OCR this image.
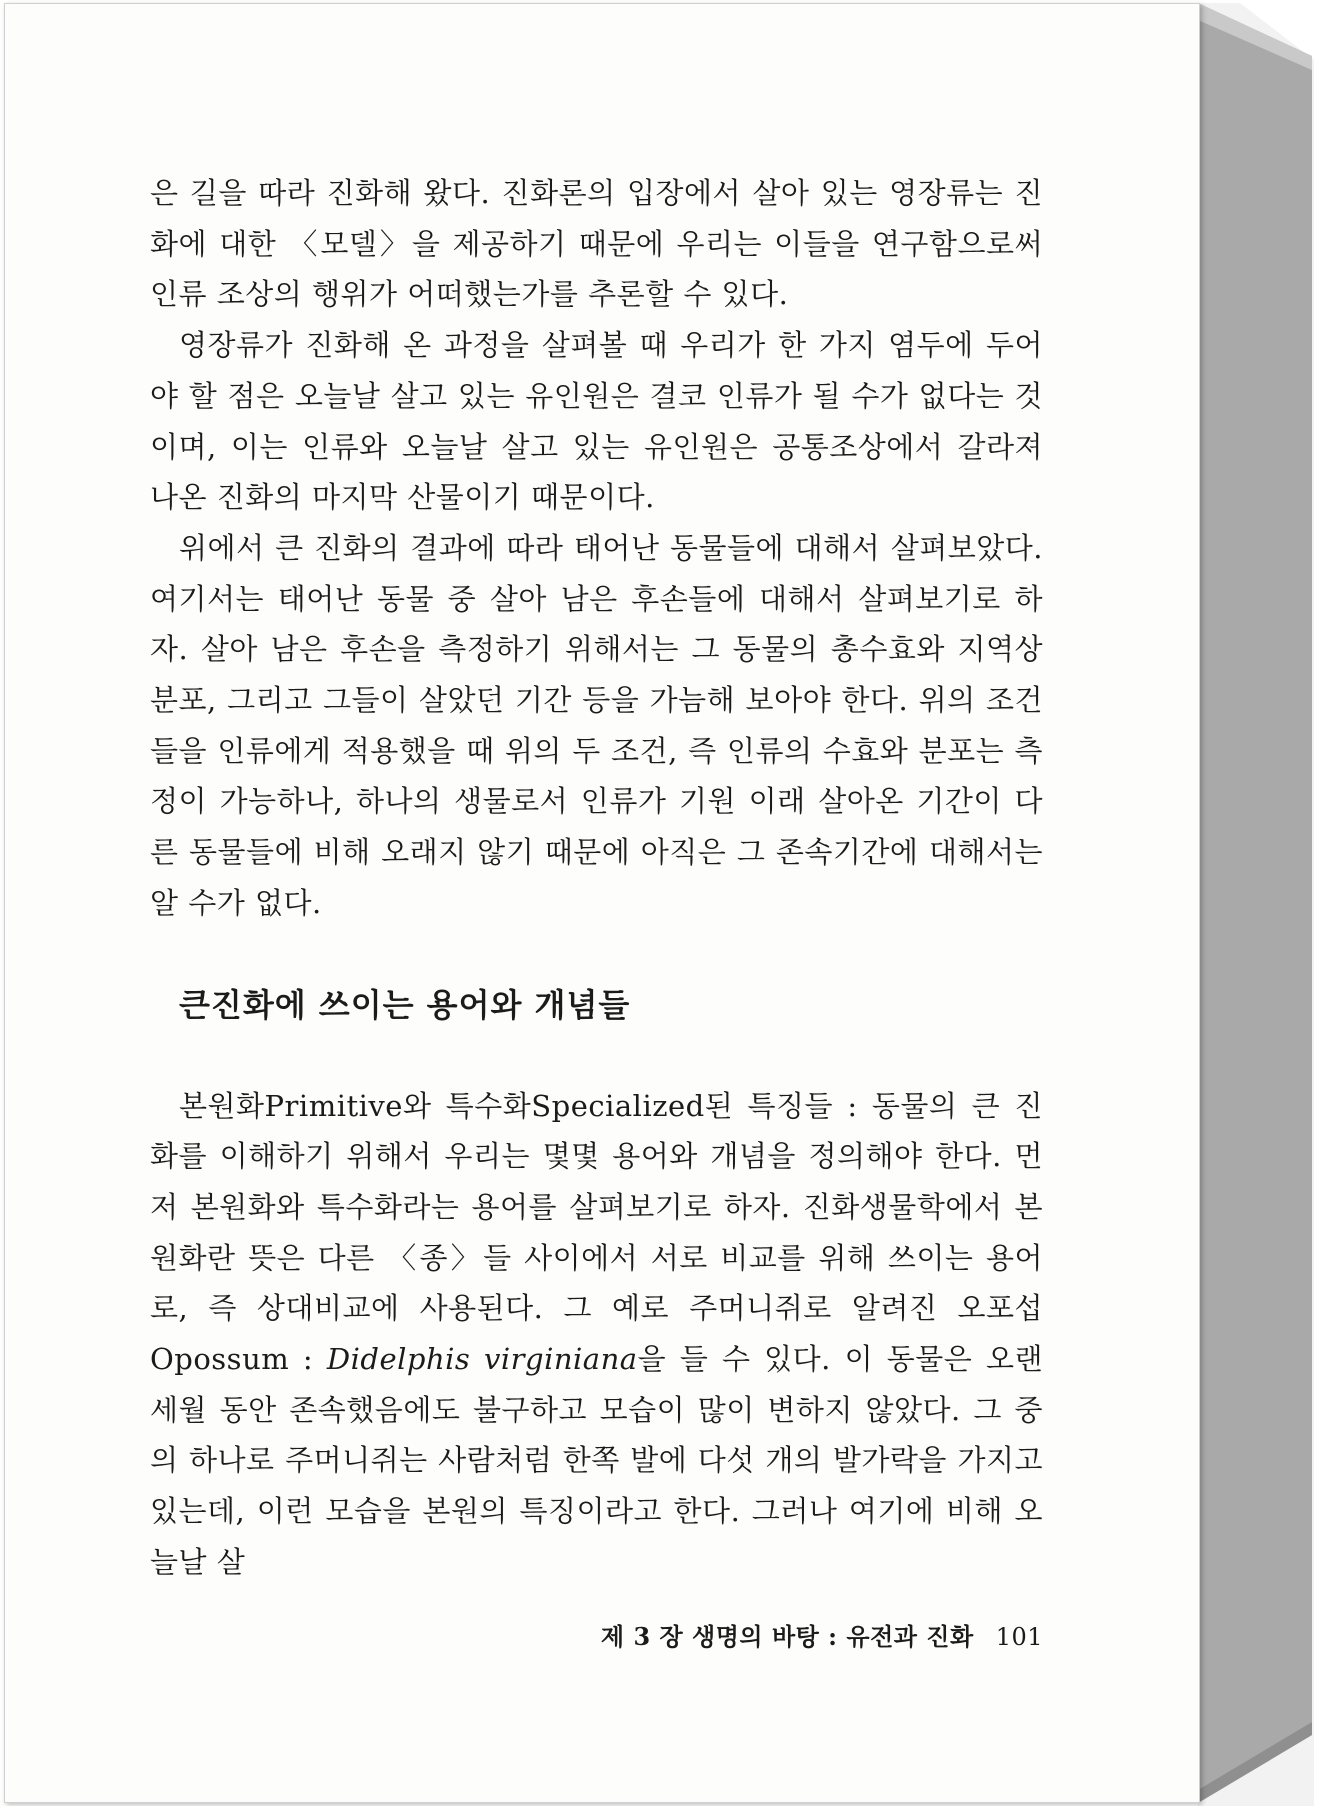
은 길을 따라 진화해 왔다. 진화론의 입장에서 살아 있는 영장류는 진화에 대한 〈모델〉을 제공하기 때문에 우리는 이들을 연구함으로써 인류 조상의 행위가 어떠했는가를 추론할 수 있다.

영장류가 진화해 온 과정을 살펴볼 때 우리가 한 가지 염두에 두어야 할 점은 오늘날 살고 있는 유인원은 결코 인류가 될 수가 없다는 것이며, 이는 인류와 오늘날 살고 있는 유인원은 공통조상에서 갈라져 나온 진화의 마지막 산물이기 때문이다.

위에서 큰 진화의 결과에 따라 태어난 동물들에 대해서 살펴보았다. 여기서는 태어난 동물 중 살아 남은 후손들에 대해서 살펴보기로 하자. 살아 남은 후손을 측정하기 위해서는 그 동물의 총수효와 지역상 분포, 그리고 그들이 살았던 기간 등을 가늠해 보아야 한다. 위의 조건들을 인류에게 적용했을 때 위의 두 조건, 즉 인류의 수효와 분포는 측정이 가능하나, 하나의 생물로서 인류가 기원 이래 살아온 기간이 다른 동물들에 비해 오래지 않기 때문에 아직은 그 존속기간에 대해서는 알 수가 없다.

큰진화에 쓰이는 용어와 개념들

본원화Primitive와 특수화Specialized된 특징들 : 동물의 큰 진화를 이해하기 위해서 우리는 몇몇 용어와 개념을 정의해야 한다. 먼저 본원화와 특수화라는 용어를 살펴보기로 하자. 진화생물학에서 본원화란 뜻은 다른 〈종〉들 사이에서 서로 비교를 위해 쓰이는 용어로, 즉 상대비교에 사용된다. 그 예로 주머니쥐로 알려진 오포섭Opossum : Didelphis virginiana을 들 수 있다. 이 동물은 오랜 세월 동안 존속했음에도 불구하고 모습이 많이 변하지 않았다. 그 중의 하나로 주머니쥐는 사람처럼 한쪽 발에 다섯 개의 발가락을 가지고 있는데, 이런 모습을 본원의 특징이라고 한다. 그러나 여기에 비해 오늘날 살

제 3 장 생명의 바탕 : 유전과 진화 101
